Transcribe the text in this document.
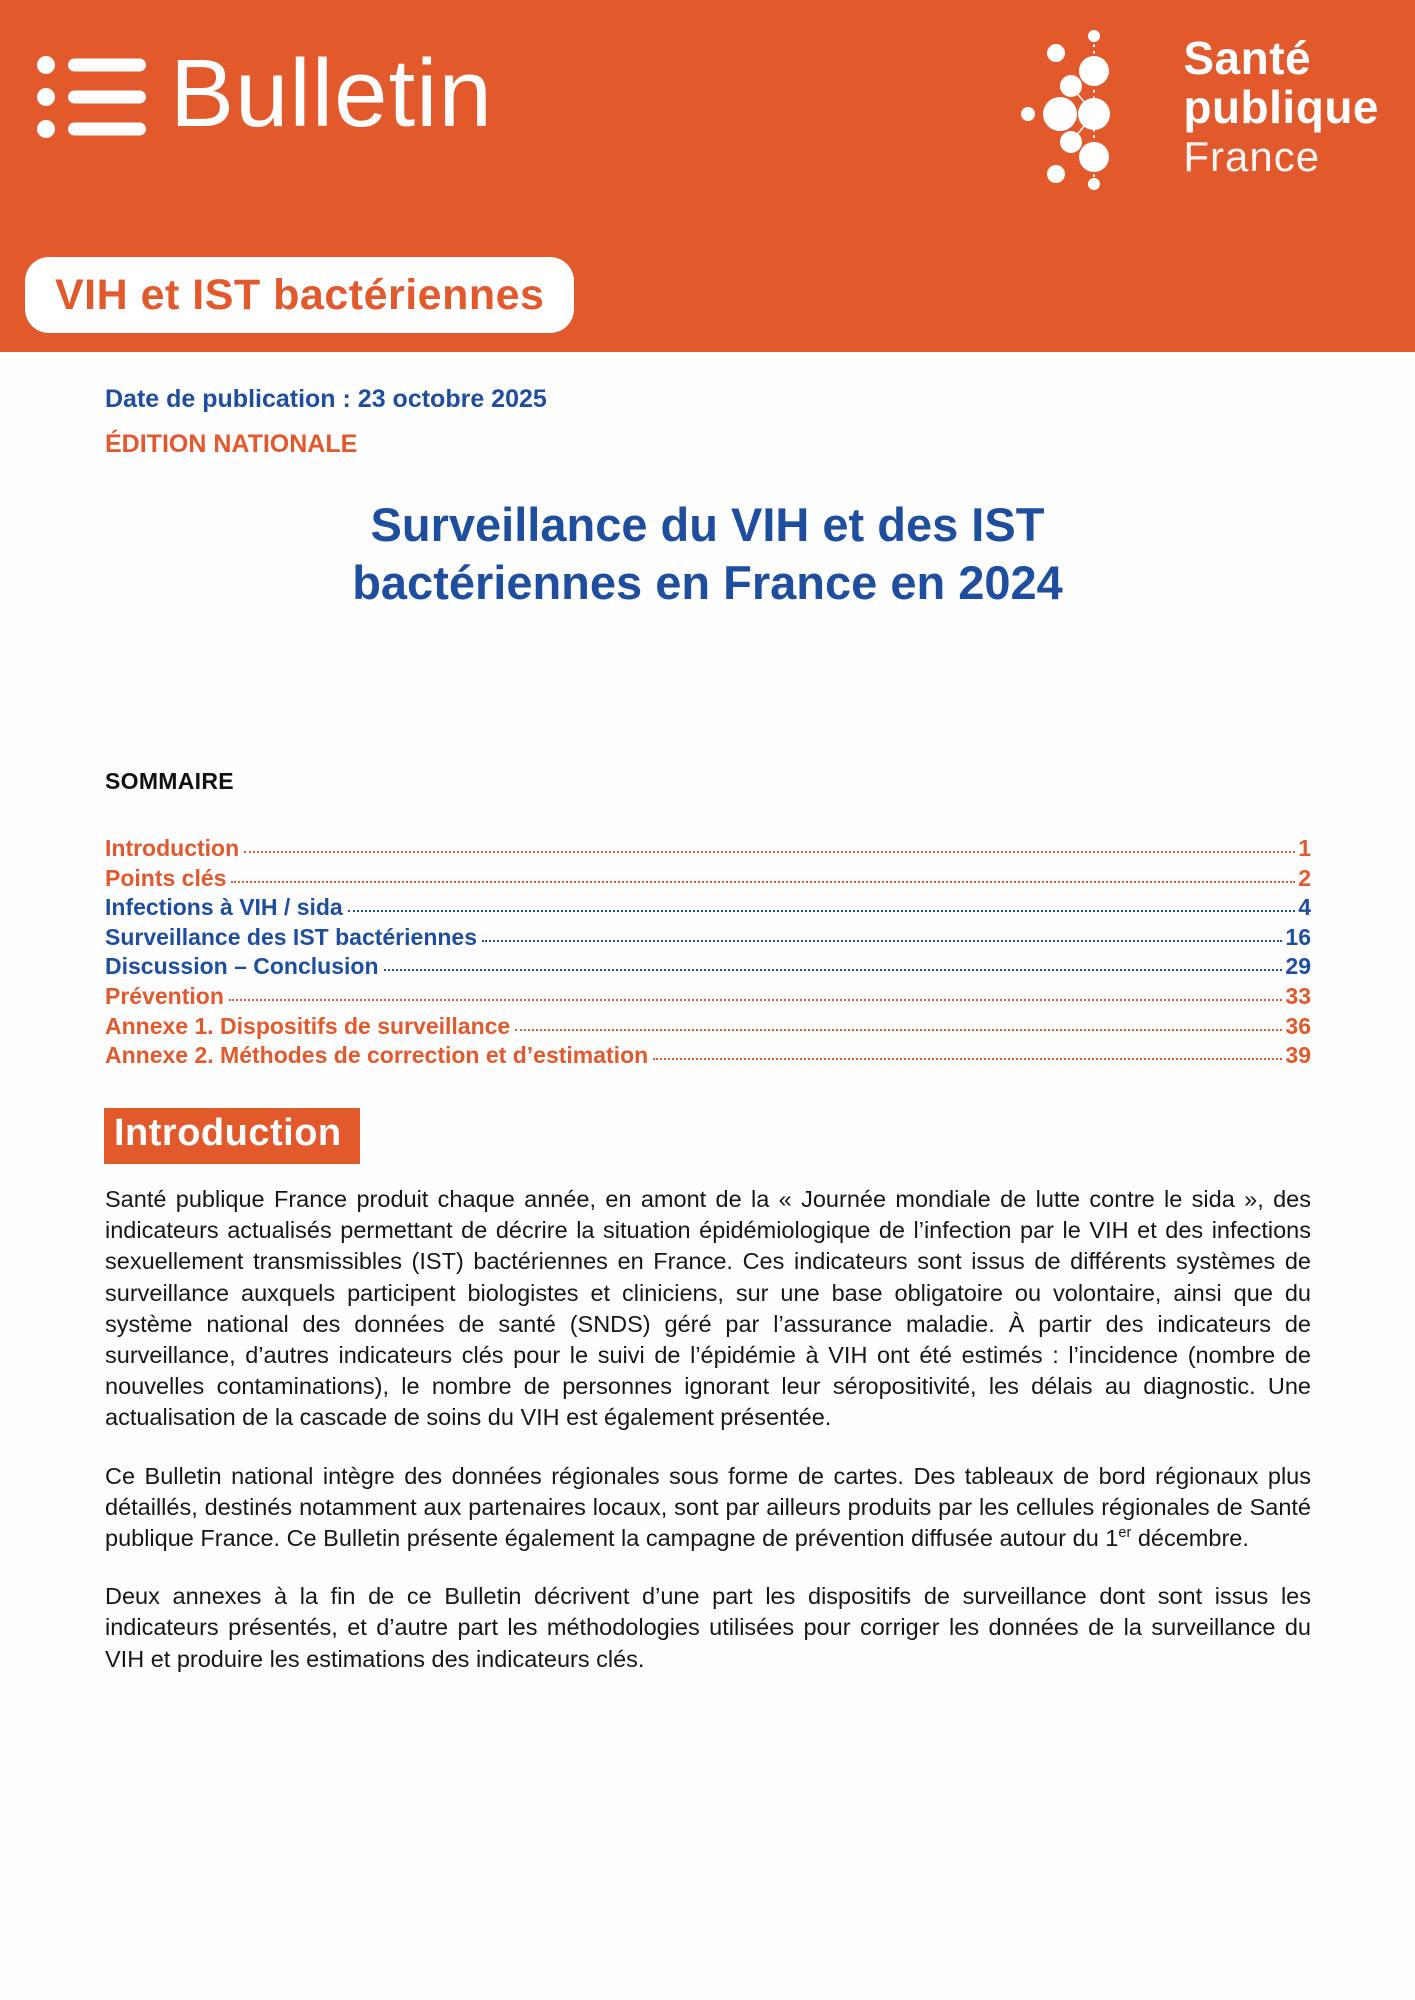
Bulletin	Santé
publique
France
VIH et IST bactériennes
Date de publication : 23 octobre 2025
ÉDITION NATIONALE
Surveillance du VIH et des IST
bactériennes en France en 2024
SOMMAIRE
Introduction	1
Points clés	2
Infections à VIH / sida	4
Surveillance des IST bactériennes	16
Discussion – Conclusion	29
Prévention	33
Annexe 1. Dispositifs de surveillance	36
Annexe 2. Méthodes de correction et d’estimation	39
Introduction

Santé publique France produit chaque année, en amont de la « Journée mondiale de lutte contre le sida », des indicateurs actualisés permettant de décrire la situation épidémiologique de l’infection par le VIH et des infections sexuellement transmissibles (IST) bactériennes en France. Ces indicateurs sont issus de différents systèmes de surveillance auxquels participent biologistes et cliniciens, sur une base obligatoire ou volontaire, ainsi que du système national des données de santé (SNDS) géré par l’assurance maladie. À partir des indicateurs de surveillance, d’autres indicateurs clés pour le suivi de l’épidémie à VIH ont été estimés : l’incidence (nombre de nouvelles contaminations), le nombre de personnes ignorant leur séropositivité, les délais au diagnostic. Une actualisation de la cascade de soins du VIH est également présentée.

Ce Bulletin national intègre des données régionales sous forme de cartes. Des tableaux de bord régionaux plus détaillés, destinés notamment aux partenaires locaux, sont par ailleurs produits par les cellules régionales de Santé publique France. Ce Bulletin présente également la campagne de prévention diffusée autour du 1er décembre.

Deux annexes à la fin de ce Bulletin décrivent d’une part les dispositifs de surveillance dont sont issus les indicateurs présentés, et d’autre part les méthodologies utilisées pour corriger les données de la surveillance du VIH et produire les estimations des indicateurs clés.
